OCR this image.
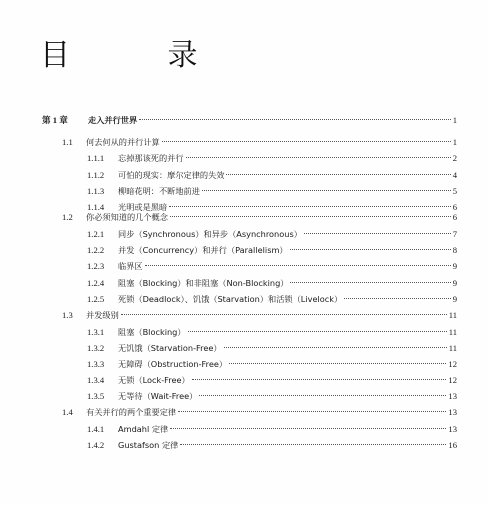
目 录
第 1 章	走入并行世界	1
1.1	何去何从的并行计算	1
1.1.1	忘掉那该死的并行	2
1.1.2	可怕的现实：摩尔定律的失效	4
1.1.3	柳暗花明：不断地前进	5
1.1.4	光明或是黑暗	6
1.2	你必须知道的几个概念	6
1.2.1	同步（Synchronous）和异步（Asynchronous）	7
1.2.2	并发（Concurrency）和并行（Parallelism）	8
1.2.3	临界区	9
1.2.4	阻塞（Blocking）和非阻塞（Non-Blocking）	9
1.2.5	死锁（Deadlock）、饥饿（Starvation）和活锁（Livelock）	9
1.3	并发级别	11
1.3.1	阻塞（Blocking）	11
1.3.2	无饥饿（Starvation-Free）	11
1.3.3	无障碍（Obstruction-Free）	12
1.3.4	无锁（Lock-Free）	12
1.3.5	无等待（Wait-Free）	13
1.4	有关并行的两个重要定律	13
1.4.1	Amdahl 定律	13
1.4.2	Gustafson 定律	16
